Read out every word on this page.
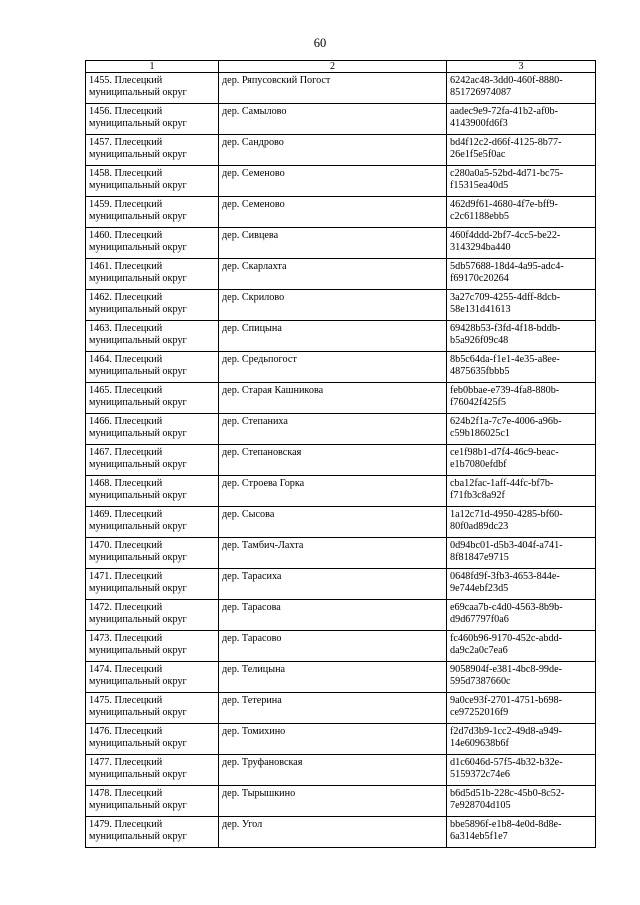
60
1	2	3

1455. Плесецкий
муниципальный округ	дер. Ряпусовский Погост	6242ac48-3dd0-460f-8880-
851726974087

1456. Плесецкий
муниципальный округ	дер. Самылово	aadec9e9-72fa-41b2-af0b-
4143900fd6f3

1457. Плесецкий
муниципальный округ	дер. Сандрово	bd4f12c2-d66f-4125-8b77-
26e1f5e5f0ac

1458. Плесецкий
муниципальный округ	дер. Семеново	c280a0a5-52bd-4d71-bc75-
f15315ea40d5

1459. Плесецкий
муниципальный округ	дер. Семеново	462d9f61-4680-4f7e-bff9-
c2c61188ebb5

1460. Плесецкий
муниципальный округ	дер. Сивцева	460f4ddd-2bf7-4cc5-be22-
3143294ba440

1461. Плесецкий
муниципальный округ	дер. Скарлахта	5db57688-18d4-4a95-adc4-
f69170c20264

1462. Плесецкий
муниципальный округ	дер. Скрилово	3a27c709-4255-4dff-8dcb-
58e131d41613

1463. Плесецкий
муниципальный округ	дер. Спицына	69428b53-f3fd-4f18-bddb-
b5a926f09c48

1464. Плесецкий
муниципальный округ	дер. Средьпогост	8b5c64da-f1e1-4e35-a8ee-
4875635fbbb5

1465. Плесецкий
муниципальный округ	дер. Старая Кашникова	feb0bbae-e739-4fa8-880b-
f76042f425f5

1466. Плесецкий
муниципальный округ	дер. Степаниха	624b2f1a-7c7e-4006-a96b-
c59b186025c1

1467. Плесецкий
муниципальный округ	дер. Степановская	ce1f98b1-d7f4-46c9-beac-
e1b7080efdbf

1468. Плесецкий
муниципальный округ	дер. Строева Горка	cba12fac-1aff-44fc-bf7b-
f71fb3c8a92f

1469. Плесецкий
муниципальный округ	дер. Сысова	1a12c71d-4950-4285-bf60-
80f0ad89dc23

1470. Плесецкий
муниципальный округ	дер. Тамбич-Лахта	0d94bc01-d5b3-404f-a741-
8f81847e9715

1471. Плесецкий
муниципальный округ	дер. Тарасиха	0648fd9f-3fb3-4653-844e-
9e744ebf23d5

1472. Плесецкий
муниципальный округ	дер. Тарасова	e69caa7b-c4d0-4563-8b9b-
d9d67797f0a6

1473. Плесецкий
муниципальный округ	дер. Тарасово	fc460b96-9170-452c-abdd-
da9c2a0c7ea6

1474. Плесецкий
муниципальный округ	дер. Телицына	9058904f-e381-4bc8-99de-
595d7387660c

1475. Плесецкий
муниципальный округ	дер. Тетерина	9a0ce93f-2701-4751-b698-
ce97252016f9

1476. Плесецкий
муниципальный округ	дер. Томихино	f2d7d3b9-1cc2-49d8-a949-
14e609638b6f

1477. Плесецкий
муниципальный округ	дер. Труфановская	d1c6046d-57f5-4b32-b32e-
5159372c74e6

1478. Плесецкий
муниципальный округ	дер. Тырышкино	b6d5d51b-228c-45b0-8c52-
7e928704d105

1479. Плесецкий
муниципальный округ	дер. Угол	bbe5896f-e1b8-4e0d-8d8e-
6a314eb5f1e7
